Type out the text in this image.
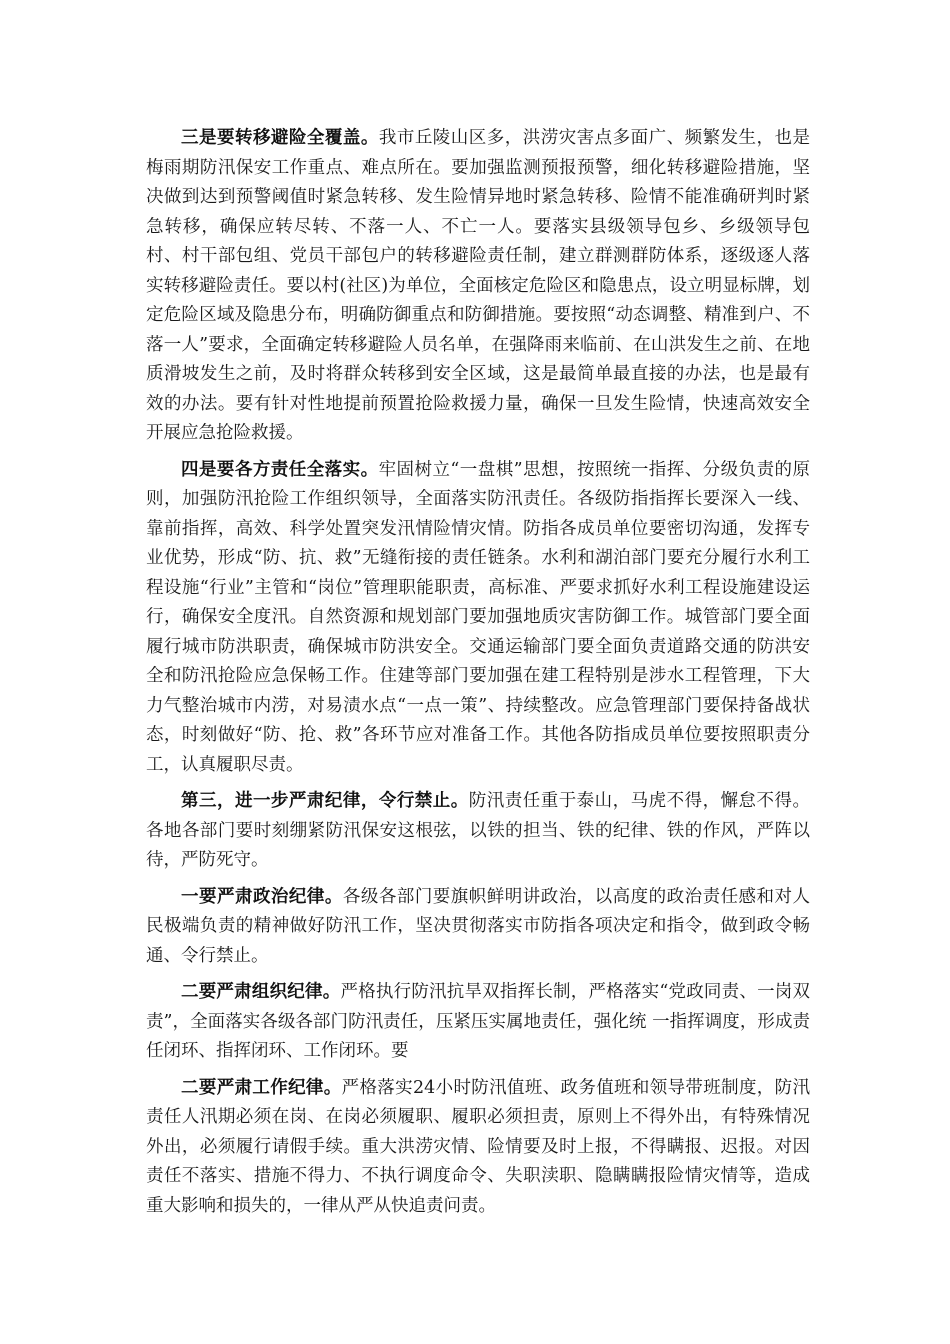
三是要转移避险全覆盖。我市丘陵山区多，洪涝灾害点多面广、频繁发生，也是梅雨期防汛保安工作重点、难点所在。要加强监测预报预警，细化转移避险措施，坚决做到达到预警阈值时紧急转移、发生险情异地时紧急转移、险情不能准确研判时紧急转移，确保应转尽转、不落一人、不亡一人。要落实县级领导包乡、乡级领导包村、村干部包组、党员干部包户的转移避险责任制，建立群测群防体系，逐级逐人落实转移避险责任。要以村(社区)为单位，全面核定危险区和隐患点，设立明显标牌，划定危险区域及隐患分布，明确防御重点和防御措施。要按照“动态调整、精准到户、不落一人”要求，全面确定转移避险人员名单，在强降雨来临前、在山洪发生之前、在地质滑坡发生之前，及时将群众转移到安全区域，这是最简单最直接的办法，也是最有效的办法。要有针对性地提前预置抢险救援力量，确保一旦发生险情，快速高效安全开展应急抢险救援。

四是要各方责任全落实。牢固树立“一盘棋”思想，按照统一指挥、分级负责的原则，加强防汛抢险工作组织领导，全面落实防汛责任。各级防指指挥长要深入一线、靠前指挥，高效、科学处置突发汛情险情灾情。防指各成员单位要密切沟通，发挥专业优势，形成“防、抗、救”无缝衔接的责任链条。水利和湖泊部门要充分履行水利工程设施“行业”主管和“岗位”管理职能职责，高标准、严要求抓好水利工程设施建设运行，确保安全度汛。自然资源和规划部门要加强地质灾害防御工作。城管部门要全面履行城市防洪职责，确保城市防洪安全。交通运输部门要全面负责道路交通的防洪安全和防汛抢险应急保畅工作。住建等部门要加强在建工程特别是涉水工程管理，下大力气整治城市内涝，对易渍水点“一点一策”、持续整改。应急管理部门要保持备战状态，时刻做好“防、抢、救”各环节应对准备工作。其他各防指成员单位要按照职责分工，认真履职尽责。

第三，进一步严肃纪律，令行禁止。防汛责任重于泰山，马虎不得，懈怠不得。各地各部门要时刻绷紧防汛保安这根弦，以铁的担当、铁的纪律、铁的作风，严阵以待，严防死守。

一要严肃政治纪律。各级各部门要旗帜鲜明讲政治，以高度的政治责任感和对人民极端负责的精神做好防汛工作，坚决贯彻落实市防指各项决定和指令，做到政令畅通、令行禁止。

二要严肃组织纪律。严格执行防汛抗旱双指挥长制，严格落实“党政同责、一岗双责”，全面落实各级各部门防汛责任，压紧压实属地责任，强化统 一指挥调度，形成责任闭环、指挥闭环、工作闭环。要

二要严肃工作纪律。严格落实24小时防汛值班、政务值班和领导带班制度，防汛责任人汛期必须在岗、在岗必须履职、履职必须担责，原则上不得外出，有特殊情况外出，必须履行请假手续。重大洪涝灾情、险情要及时上报，不得瞒报、迟报。对因责任不落实、措施不得力、不执行调度命令、失职渎职、隐瞒瞒报险情灾情等，造成重大影响和损失的，一律从严从快追责问责。
